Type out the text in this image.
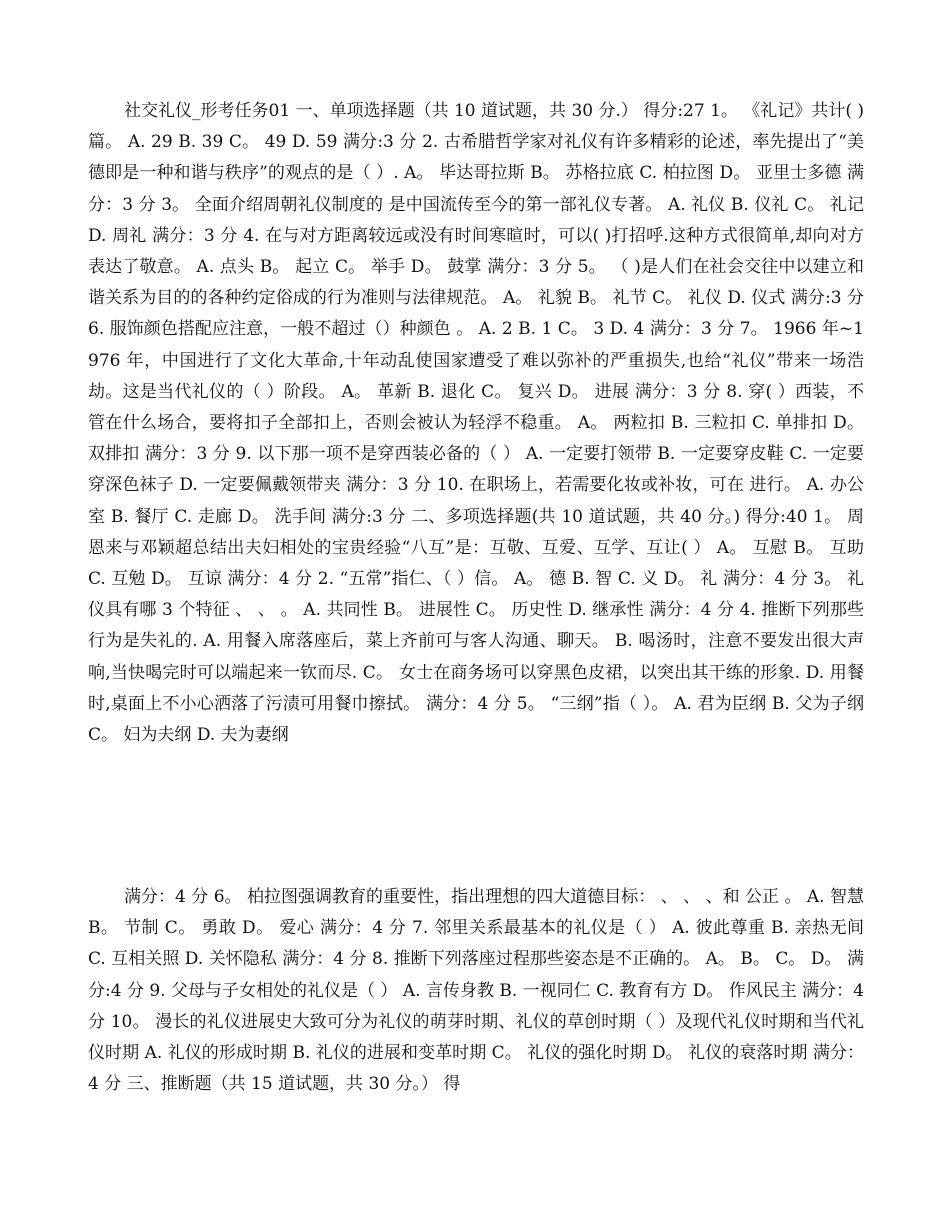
社交礼仪_形考任务01 一、单项选择题（共 10 道试题，共 30 分.） 得分:27 1。 《礼记》共计( )篇。 A. 29 B. 39 C。 49 D. 59 满分:3 分 2. 古希腊哲学家对礼仪有许多精彩的论述，率先提出了“美德即是一种和谐与秩序”的观点的是（ ）. A。 毕达哥拉斯 B。 苏格拉底 C. 柏拉图 D。 亚里士多德 满分：3 分 3。 全面介绍周朝礼仪制度的 是中国流传至今的第一部礼仪专著。 A. 礼仪 B. 仪礼 C。 礼记 D. 周礼 满分：3 分 4. 在与对方距离较远或没有时间寒暄时，可以( )打招呼.这种方式很简单,却向对方表达了敬意。 A. 点头 B。 起立 C。 举手 D。 鼓掌 满分：3 分 5。 （ )是人们在社会交往中以建立和谐关系为目的的各种约定俗成的行为准则与法律规范。 A。 礼貌 B。 礼节 C。 礼仪 D. 仪式 满分:3 分 6. 服饰颜色搭配应注意，一般不超过（）种颜色 。 A. 2 B. 1 C。 3 D. 4 满分：3 分 7。 1966 年~1976 年，中国进行了文化大革命,十年动乱使国家遭受了难以弥补的严重损失,也给“礼仪”带来一场浩劫。这是当代礼仪的（ ）阶段。 A。 革新 B. 退化 C。 复兴 D。 进展 满分：3 分 8. 穿( ）西装，不管在什么场合，要将扣子全部扣上，否则会被认为轻浮不稳重。 A。 两粒扣 B. 三粒扣 C. 单排扣 D。 双排扣 满分：3 分 9. 以下那一项不是穿西装必备的（ ） A. 一定要打领带 B. 一定要穿皮鞋 C. 一定要穿深色袜子 D. 一定要佩戴领带夹 满分：3 分 10. 在职场上，若需要化妆或补妆，可在 进行。 A. 办公室 B. 餐厅 C. 走廊 D。 洗手间 满分:3 分 二、多项选择题(共 10 道试题，共 40 分。) 得分:40 1。 周恩来与邓颖超总结出夫妇相处的宝贵经验“八互”是：互敬、互爱、互学、互让( ） A。 互慰 B。 互助 C. 互勉 D。 互谅 满分：4 分 2. “五常”指仁、（ ）信。 A。 德 B. 智 C. 义 D。 礼 满分：4 分 3。 礼仪具有哪 3 个特征 、 、 。 A. 共同性 B。 进展性 C。 历史性 D. 继承性 满分：4 分 4. 推断下列那些行为是失礼的. A. 用餐入席落座后，菜上齐前可与客人沟通、聊天。 B. 喝汤时，注意不要发出很大声响,当快喝完时可以端起来一钦而尽. C。 女士在商务场可以穿黑色皮裙，以突出其干练的形象. D. 用餐时,桌面上不小心洒落了污渍可用餐巾擦拭。 满分：4 分 5。 “三纲”指（ ）。 A. 君为臣纲 B. 父为子纲 C。 妇为夫纲 D. 夫为妻纲

满分：4 分 6。 柏拉图强调教育的重要性，指出理想的四大道德目标： 、 、 、和 公正 。 A. 智慧 B。 节制 C。 勇敢 D。 爱心 满分：4 分 7. 邻里关系最基本的礼仪是（ ） A. 彼此尊重 B. 亲热无间 C. 互相关照 D. 关怀隐私 满分：4 分 8. 推断下列落座过程那些姿态是不正确的。 A。 B。 C。 D。 满分:4 分 9. 父母与子女相处的礼仪是（ ） A. 言传身教 B. 一视同仁 C. 教育有方 D。 作风民主 满分：4 分 10。 漫长的礼仪进展史大致可分为礼仪的萌芽时期、礼仪的草创时期（ ）及现代礼仪时期和当代礼仪时期 A. 礼仪的形成时期 B. 礼仪的进展和变革时期 C。 礼仪的强化时期 D。 礼仪的衰落时期 满分：4 分 三、推断题（共 15 道试题，共 30 分。） 得
